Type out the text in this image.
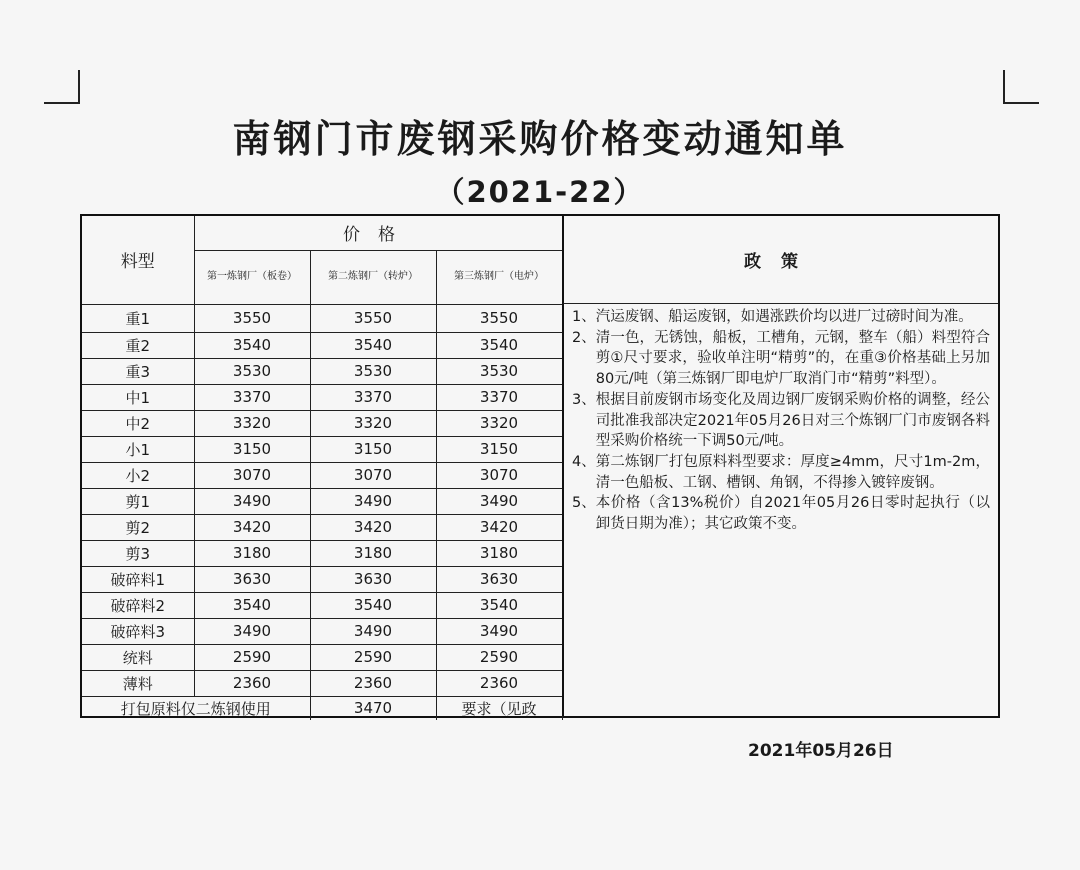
南钢门市废钢采购价格变动通知单
（2021-22）
料型	价格		
	第一炼钢厂（板卷）	第二炼钢厂（转炉）	第三炼钢厂（电炉）
重1	3550	3550	3550
重2	3540	3540	3540
重3	3530	3530	3530
中1	3370	3370	3370
中2	3320	3320	3320
小1	3150	3150	3150
小2	3070	3070	3070
剪1	3490	3490	3490
剪2	3420	3420	3420
剪3	3180	3180	3180
破碎料1	3630	3630	3630
破碎料2	3540	3540	3540
破碎料3	3490	3490	3490
统料	2590	2590	2590
薄料	2360	2360	2360
打包原料仅二炼钢使用		3470	要求（见政
政策
1、 汽运废钢、船运废钢，如遇涨跌价均以进厂过磅时间为准。
2、 清一色，无锈蚀，船板，工槽角，元钢，整车（船）料型符合剪①尺寸要求，验收单注明“精剪”的，在重③价格基础上另加80元/吨（第三炼钢厂即电炉厂取消门市“精剪”料型）。
3、 根据目前废钢市场变化及周边钢厂废钢采购价格的调整，经公司批准我部决定2021年05月26日对三个炼钢厂门市废钢各料型采购价格统一下调50元/吨。
4、 第二炼钢厂打包原料料型要求：厚度≥4mm，尺寸1m-2m，清一色船板、工钢、槽钢、角钢，不得掺入镀锌废钢。
5、 本价格（含13%税价）自2021年05月26日零时起执行（以卸货日期为准）；其它政策不变。
2021年05月26日
